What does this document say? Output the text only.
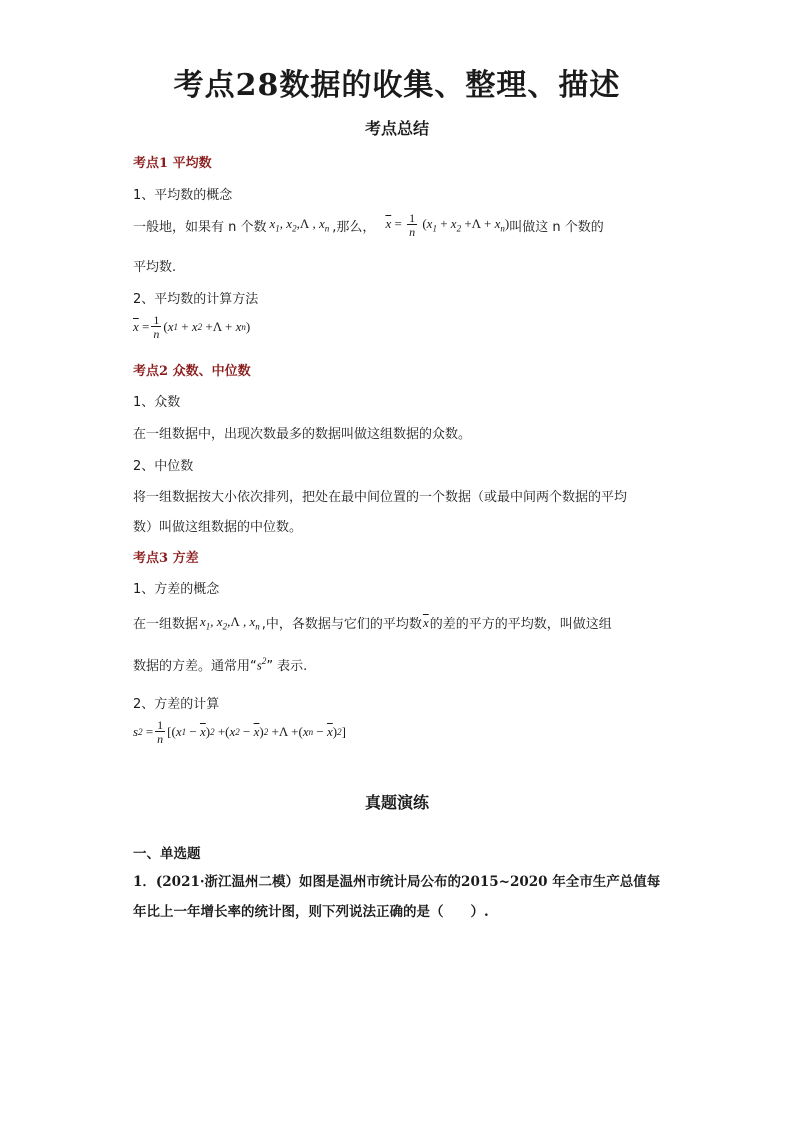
考点28数据的收集、整理、描述
考点总结
考点1 平均数
1、平均数的概念
一般地，如果有 n 个数 $x_1$, $x_2,\Lambda$ , $x_n$ ,那么， $\overline{x} = \frac{1}{n} (x_1 + x_2 +\Lambda + x_n)$ 叫做这 n 个数的
平均数.
2、平均数的计算方法
$\overline{x}$
= $\frac{1}{n}$ ( x 1
+ x 2
+Λ + x n )
考点2 众数、中位数
1、众数
在一组数据中，出现次数最多的数据叫做这组数据的众数。
2、中位数
将一组数据按大小依次排列，把处在最中间位置的一个数据（或最中间两个数据的平均
数）叫做这组数据的中位数。
考点3 方差
1、方差的概念
在一组数据 $x_1$, $x_2,\Lambda$ , $x_n$ ,中，各数据与它们的平均数 $\overline{x}$ 的差的平方的平均数，叫做这组
数据的方差。通常用“ $s^2$ ” 表示.
2、方差的计算
s 2
= $\frac{1}{n}$ [( x 1
−
$\overline{x}$ ) 2
+( x 2
−
$\overline{x}$ ) 2
+Λ +( x n
−
$\overline{x}$ ) 2 ]
真题演练
一、单选题
1．(2021·浙江温州二模）如图是温州市统计局公布的2015~2020 年全市生产总值每
年比上一年增长率的统计图，则下列说法正确的是（　　）.
